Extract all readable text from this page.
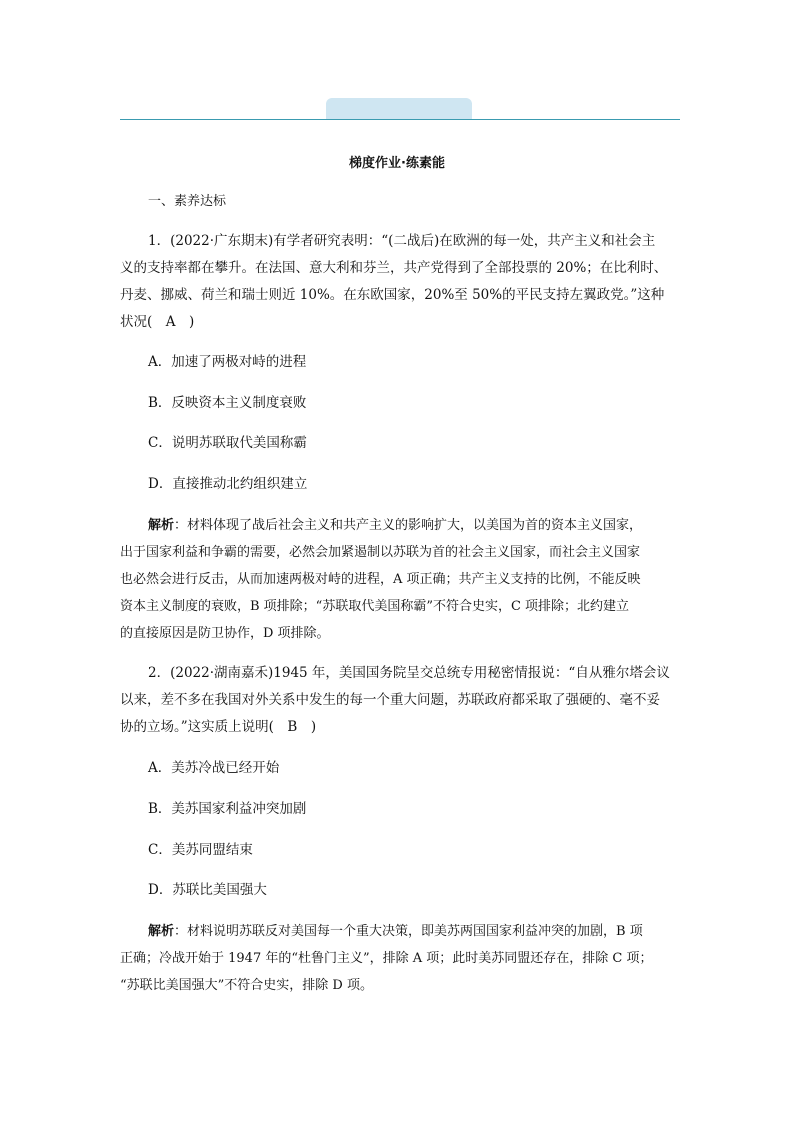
梯度作业·练素能
一、素养达标
1．(2022·广东期末)有学者研究表明：“(二战后)在欧洲的每一处，共产主义和社会主
义的支持率都在攀升。在法国、意大利和芬兰，共产党得到了全部投票的 20%；在比利时、
丹麦、挪威、荷兰和瑞士则近 10%。在东欧国家，20%至 50%的平民支持左翼政党。”这种
状况(　A　)
A．加速了两极对峙的进程
B．反映资本主义制度衰败
C．说明苏联取代美国称霸
D．直接推动北约组织建立
解析：材料体现了战后社会主义和共产主义的影响扩大，以美国为首的资本主义国家，
出于国家利益和争霸的需要，必然会加紧遏制以苏联为首的社会主义国家，而社会主义国家
也必然会进行反击，从而加速两极对峙的进程，A 项正确；共产主义支持的比例，不能反映
资本主义制度的衰败，B 项排除；“苏联取代美国称霸”不符合史实，C 项排除；北约建立
的直接原因是防卫协作，D 项排除。
2．(2022·湖南嘉禾)1945 年，美国国务院呈交总统专用秘密情报说：“自从雅尔塔会议
以来，差不多在我国对外关系中发生的每一个重大问题，苏联政府都采取了强硬的、毫不妥
协的立场。”这实质上说明(　B　)
A．美苏冷战已经开始
B．美苏国家利益冲突加剧
C．美苏同盟结束
D．苏联比美国强大
解析：材料说明苏联反对美国每一个重大决策，即美苏两国国家利益冲突的加剧，B 项
正确；冷战开始于 1947 年的“杜鲁门主义”，排除 A 项；此时美苏同盟还存在，排除 C 项；
“苏联比美国强大”不符合史实，排除 D 项。
